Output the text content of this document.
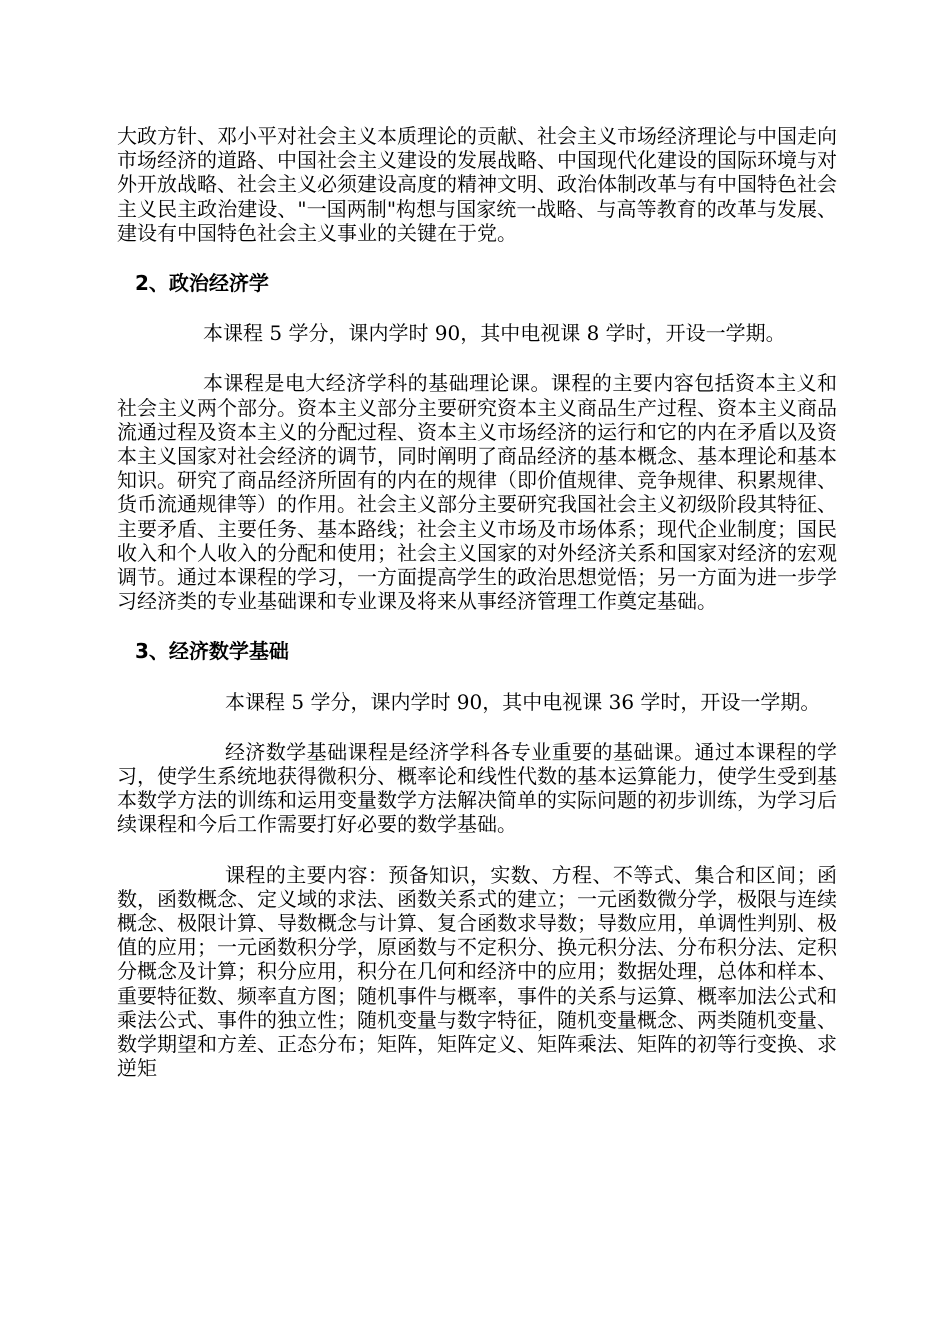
大政方针、邓小平对社会主义本质理论的贡献、社会主义市场经济理论与中国走向市场经济的道路、中国社会主义建设的发展战略、中国现代化建设的国际环境与对外开放战略、社会主义必须建设高度的精神文明、政治体制改革与有中国特色社会主义民主政治建设、"一国两制"构想与国家统一战略、与高等教育的改革与发展、建设有中国特色社会主义事业的关键在于党。

2、政治经济学

本课程 5 学分，课内学时 90，其中电视课 8 学时，开设一学期。

本课程是电大经济学科的基础理论课。课程的主要内容包括资本主义和社会主义两个部分。资本主义部分主要研究资本主义商品生产过程、资本主义商品流通过程及资本主义的分配过程、资本主义市场经济的运行和它的内在矛盾以及资本主义国家对社会经济的调节，同时阐明了商品经济的基本概念、基本理论和基本知识。研究了商品经济所固有的内在的规律（即价值规律、竞争规律、积累规律、货币流通规律等）的作用。社会主义部分主要研究我国社会主义初级阶段其特征、主要矛盾、主要任务、基本路线；社会主义市场及市场体系；现代企业制度；国民收入和个人收入的分配和使用；社会主义国家的对外经济关系和国家对经济的宏观调节。通过本课程的学习，一方面提高学生的政治思想觉悟；另一方面为进一步学习经济类的专业基础课和专业课及将来从事经济管理工作奠定基础。

3、经济数学基础

本课程 5 学分，课内学时 90，其中电视课 36 学时，开设一学期。

经济数学基础课程是经济学科各专业重要的基础课。通过本课程的学习，使学生系统地获得微积分、概率论和线性代数的基本运算能力，使学生受到基本数学方法的训练和运用变量数学方法解决简单的实际问题的初步训练，为学习后续课程和今后工作需要打好必要的数学基础。

课程的主要内容：预备知识，实数、方程、不等式、集合和区间；函数，函数概念、定义域的求法、函数关系式的建立；一元函数微分学，极限与连续概念、极限计算、导数概念与计算、复合函数求导数；导数应用，单调性判别、极值的应用；一元函数积分学，原函数与不定积分、换元积分法、分布积分法、定积分概念及计算；积分应用，积分在几何和经济中的应用；数据处理，总体和样本、重要特征数、频率直方图；随机事件与概率，事件的关系与运算、概率加法公式和乘法公式、事件的独立性；随机变量与数字特征，随机变量概念、两类随机变量、数学期望和方差、正态分布；矩阵，矩阵定义、矩阵乘法、矩阵的初等行变换、求逆矩
